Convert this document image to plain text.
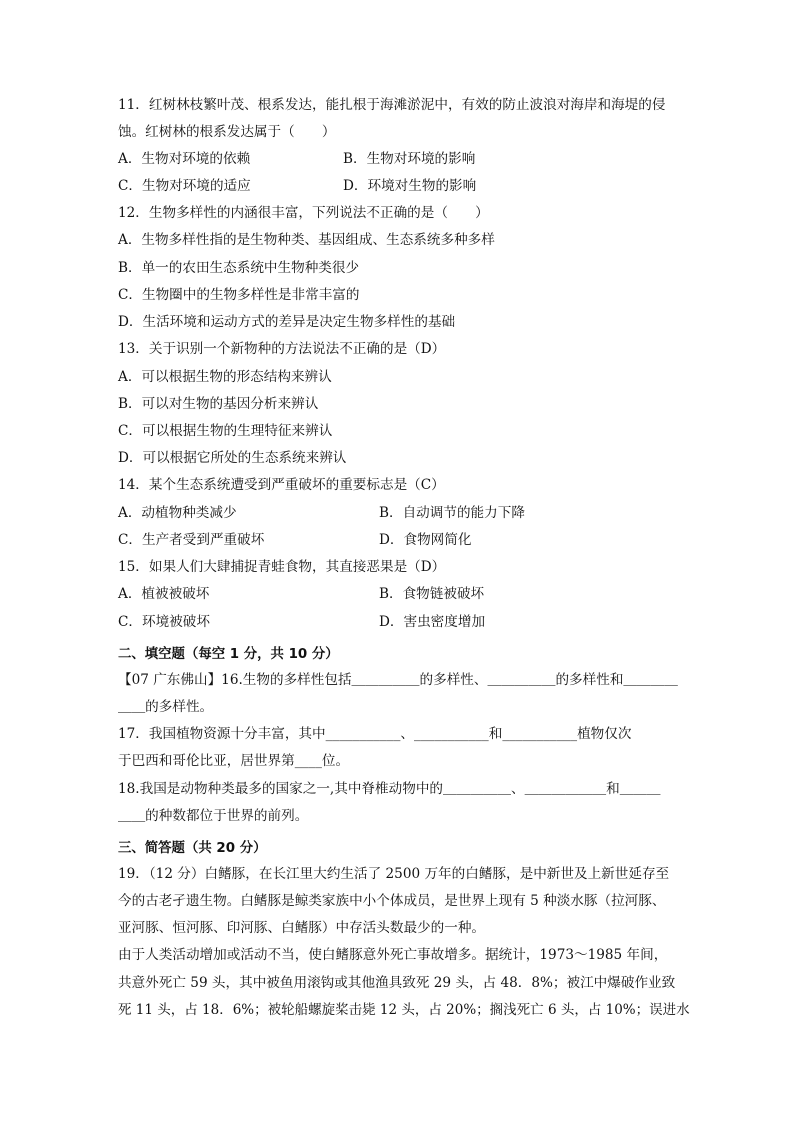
11．红树林枝繁叶茂、根系发达，能扎根于海滩淤泥中，有效的防止波浪对海岸和海堤的侵
蚀。红树林的根系发达属于（　　）
A．生物对环境的依赖	B．生物对环境的影响
C．生物对环境的适应	D．环境对生物的影响
12．生物多样性的内涵很丰富，下列说法不正确的是（　　）
A．生物多样性指的是生物种类、基因组成、生态系统多种多样
B．单一的农田生态系统中生物种类很少
C．生物圈中的生物多样性是非常丰富的
D．生活环境和运动方式的差异是决定生物多样性的基础
13．关于识别一个新物种的方法说法不正确的是（D）
A．可以根据生物的形态结构来辨认
B．可以对生物的基因分析来辨认
C．可以根据生物的生理特征来辨认
D．可以根据它所处的生态系统来辨认
14．某个生态系统遭受到严重破坏的重要标志是（C）
A．动植物种类减少	B．自动调节的能力下降
C．生产者受到严重破坏	D．食物网简化
15．如果人们大肆捕捉青蛙食物，其直接恶果是（D）
A．植被被破坏	B．食物链被破坏
C．环境被破坏	D．害虫密度增加
二、填空题（每空 1 分，共 10 分）
【07 广东佛山】16.生物的多样性包括＿＿＿＿＿的多样性、＿＿＿＿＿的多样性和＿＿＿＿
＿＿的多样性。
17．我国植物资源十分丰富，其中___________、___________和___________植物仅次
于巴西和哥伦比亚，居世界第____位。
18.我国是动物种类最多的国家之一,其中脊椎动物中的＿＿＿＿＿、＿＿＿＿＿＿和＿＿＿
＿＿的种数都位于世界的前列。
三、简答题（共 20 分）
19．（12 分）白鳍豚，在长江里大约生活了 2500 万年的白鳍豚，是中新世及上新世延存至
今的古老孑遗生物。白鳍豚是鲸类家族中小个体成员，是世界上现有 5 种淡水豚（拉河豚、
亚河豚、恒河豚、印河豚、白鳍豚）中存活头数最少的一种。
由于人类活动增加或活动不当，使白鳍豚意外死亡事故增多。据统计，1973～1985 年间，
共意外死亡 59 头，其中被鱼用滚钩或其他渔具致死 29 头，占 48．8%；被江中爆破作业致
死 11 头，占 18．6%；被轮船螺旋桨击毙 12 头，占 20%；搁浅死亡 6 头，占 10%；误进水
